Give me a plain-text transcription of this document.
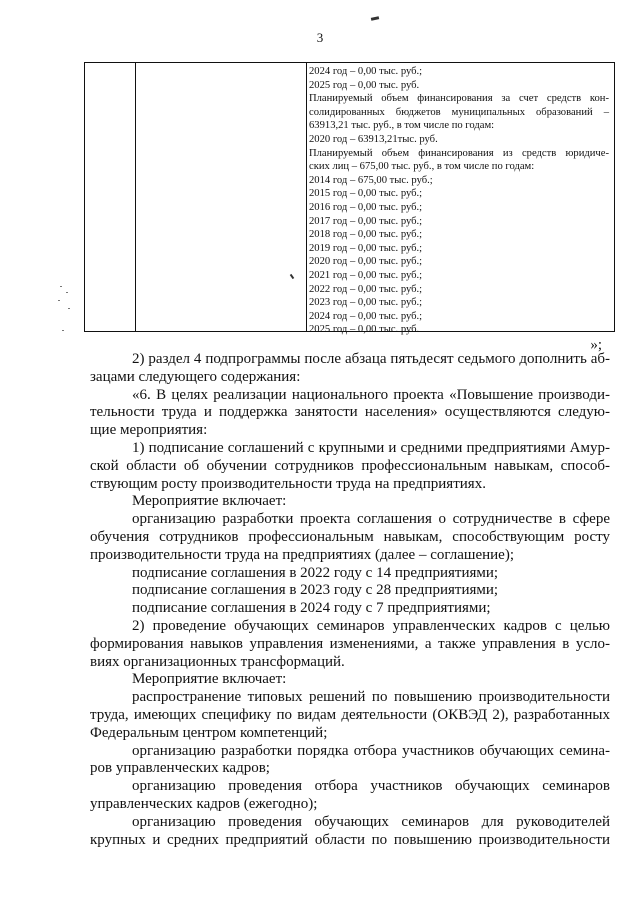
3
2024 год – 0,00 тыс. руб.;
2025 год – 0,00 тыс. руб.
Планируемый объем финансирования за счет средств кон-
солидированных бюджетов муниципальных образований –
63913,21 тыс. руб., в том числе по годам:
2020 год – 63913,21тыс. руб.
Планируемый объем финансирования из средств юридиче-
ских лиц – 675,00 тыс. руб., в том числе по годам:
2014 год – 675,00 тыс. руб.;
2015 год – 0,00 тыс. руб.;
2016 год – 0,00 тыс. руб.;
2017 год – 0,00 тыс. руб.;
2018 год – 0,00 тыс. руб.;
2019 год – 0,00 тыс. руб.;
2020 год – 0,00 тыс. руб.;
2021 год – 0,00 тыс. руб.;
2022 год – 0,00 тыс. руб.;
2023 год – 0,00 тыс. руб.;
2024 год – 0,00 тыс. руб.;
2025 год – 0,00 тыс. руб.
»;
2) раздел 4 подпрограммы после абзаца пятьдесят седьмого дополнить аб-
зацами следующего содержания:
«6. В целях реализации национального проекта «Повышение производи-
тельности труда и поддержка занятости населения» осуществляются следую-
щие мероприятия:
1) подписание соглашений с крупными и средними предприятиями Амур-
ской области об обучении сотрудников профессиональным навыкам, способ-
ствующим росту производительности труда на предприятиях.
Мероприятие включает:
организацию разработки проекта соглашения о сотрудничестве в сфере
обучения сотрудников профессиональным навыкам, способствующим росту
производительности труда на предприятиях (далее – соглашение);
подписание соглашения в 2022 году с 14 предприятиями;
подписание соглашения в 2023 году с 28 предприятиями;
подписание соглашения в 2024 году с 7 предприятиями;
2) проведение обучающих семинаров управленческих кадров с целью
формирования навыков управления изменениями, а также управления в усло-
виях организационных трансформаций.
Мероприятие включает:
распространение типовых решений по повышению производительности
труда, имеющих специфику по видам деятельности (ОКВЭД 2), разработанных
Федеральным центром компетенций;
организацию разработки порядка отбора участников обучающих семина-
ров управленческих кадров;
организацию проведения отбора участников обучающих семинаров
управленческих кадров (ежегодно);
организацию проведения обучающих семинаров для руководителей
крупных и средних предприятий области по повышению производительности
